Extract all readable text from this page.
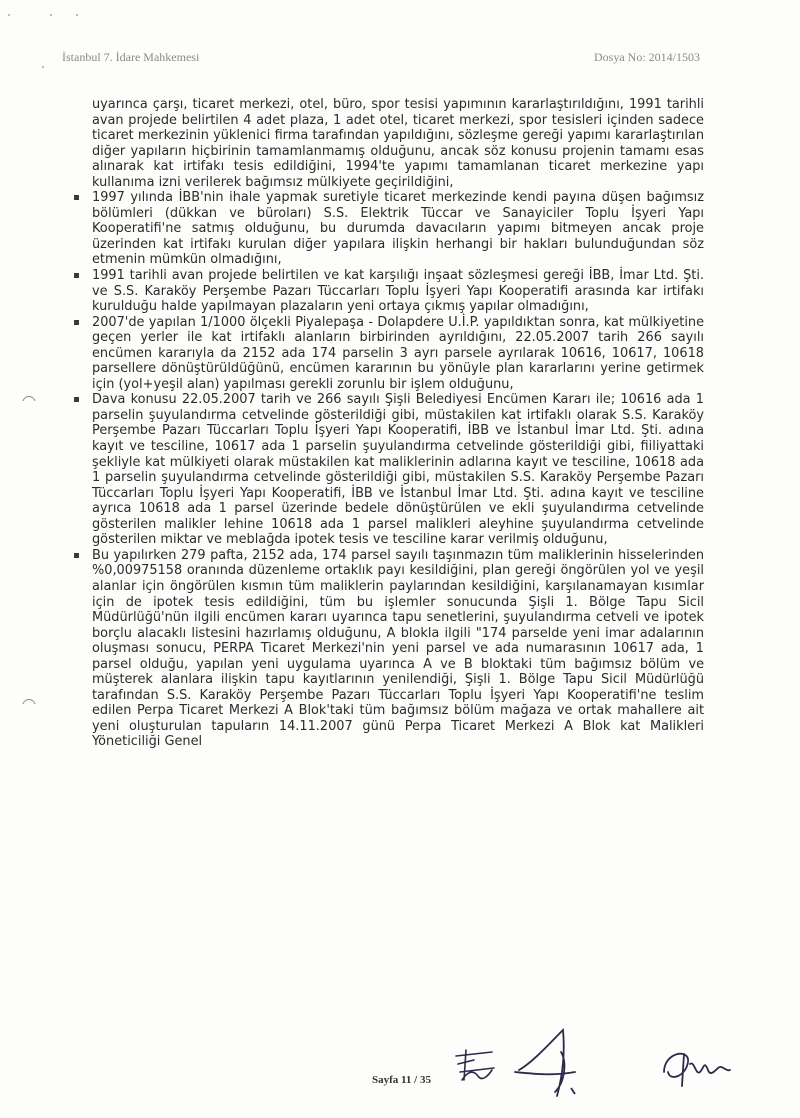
İstanbul 7. İdare Mahkemesi	Dosya No: 2014/1503

uyarınca çarşı, ticaret merkezi, otel, büro, spor tesisi yapımının kararlaştırıldığını, 1991 tarihli avan projede belirtilen 4 adet plaza, 1 adet otel, ticaret merkezi, spor tesisleri içinden sadece ticaret merkezinin yüklenici firma tarafından yapıldığını, sözleşme gereği yapımı kararlaştırılan diğer yapıların hiçbirinin tamamlanmamış olduğunu, ancak söz konusu projenin tamamı esas alınarak kat irtifakı tesis edildiğini, 1994'te yapımı tamamlanan ticaret merkezine yapı kullanıma izni verilerek bağımsız mülkiyete geçirildiğini,

1997 yılında İBB'nin ihale yapmak suretiyle ticaret merkezinde kendi payına düşen bağımsız bölümleri (dükkan ve büroları) S.S. Elektrik Tüccar ve Sanayiciler Toplu İşyeri Yapı Kooperatifi'ne satmış olduğunu, bu durumda davacıların yapımı bitmeyen ancak proje üzerinden kat irtifakı kurulan diğer yapılara ilişkin herhangi bir hakları bulunduğundan söz etmenin mümkün olmadığını,
1991 tarihli avan projede belirtilen ve kat karşılığı inşaat sözleşmesi gereği İBB, İmar Ltd. Şti. ve S.S. Karaköy Perşembe Pazarı Tüccarları Toplu İşyeri Yapı Kooperatifi arasında kar irtifakı kurulduğu halde yapılmayan plazaların yeni ortaya çıkmış yapılar olmadığını,
2007'de yapılan 1/1000 ölçekli Piyalepaşa - Dolapdere U.İ.P. yapıldıktan sonra, kat mülkiyetine geçen yerler ile kat irtifaklı alanların birbirinden ayrıldığını, 22.05.2007 tarih 266 sayılı encümen kararıyla da 2152 ada 174 parselin 3 ayrı parsele ayrılarak 10616, 10617, 10618 parsellere dönüştürüldüğünü, encümen kararının bu yönüyle plan kararlarını yerine getirmek için (yol+yeşil alan) yapılması gerekli zorunlu bir işlem olduğunu,
Dava konusu 22.05.2007 tarih ve 266 sayılı Şişli Belediyesi Encümen Kararı ile; 10616 ada 1 parselin şuyulandırma cetvelinde gösterildiği gibi, müstakilen kat irtifaklı olarak S.S. Karaköy Perşembe Pazarı Tüccarları Toplu İşyeri Yapı Kooperatifi, İBB ve İstanbul İmar Ltd. Şti. adına kayıt ve tesciline, 10617 ada 1 parselin şuyulandırma cetvelinde gösterildiği gibi, fiiliyattaki şekliyle kat mülkiyeti olarak müstakilen kat maliklerinin adlarına kayıt ve tesciline, 10618 ada 1 parselin şuyulandırma cetvelinde gösterildiği gibi, müstakilen S.S. Karaköy Perşembe Pazarı Tüccarları Toplu İşyeri Yapı Kooperatifi, İBB ve İstanbul İmar Ltd. Şti. adına kayıt ve tesciline ayrıca 10618 ada 1 parsel üzerinde bedele dönüştürülen ve ekli şuyulandırma cetvelinde gösterilen malikler lehine 10618 ada 1 parsel malikleri aleyhine şuyulandırma cetvelinde gösterilen miktar ve meblağda ipotek tesis ve tesciline karar verilmiş olduğunu,
Bu yapılırken 279 pafta, 2152 ada, 174 parsel sayılı taşınmazın tüm maliklerinin hisselerinden %0,00975158 oranında düzenleme ortaklık payı kesildiğini, plan gereği öngörülen yol ve yeşil alanlar için öngörülen kısmın tüm maliklerin paylarından kesildiğini, karşılanamayan kısımlar için de ipotek tesis edildiğini, tüm bu işlemler sonucunda Şişli 1. Bölge Tapu Sicil Müdürlüğü'nün ilgili encümen kararı uyarınca tapu senetlerini, şuyulandırma cetveli ve ipotek borçlu alacaklı listesini hazırlamış olduğunu, A blokla ilgili "174 parselde yeni imar adalarının oluşması sonucu, PERPA Ticaret Merkezi'nin yeni parsel ve ada numarasının 10617 ada, 1 parsel olduğu, yapılan yeni uygulama uyarınca A ve B bloktaki tüm bağımsız bölüm ve müşterek alanlara ilişkin tapu kayıtlarının yenilendiği, Şişli 1. Bölge Tapu Sicil Müdürlüğü tarafından S.S. Karaköy Perşembe Pazarı Tüccarları Toplu İşyeri Yapı Kooperatifi'ne teslim edilen Perpa Ticaret Merkezi A Blok'taki tüm bağımsız bölüm mağaza ve ortak mahallere ait yeni oluşturulan tapuların 14.11.2007 günü Perpa Ticaret Merkezi A Blok kat Malikleri Yöneticiliği Genel
Sayfa 11 / 35
